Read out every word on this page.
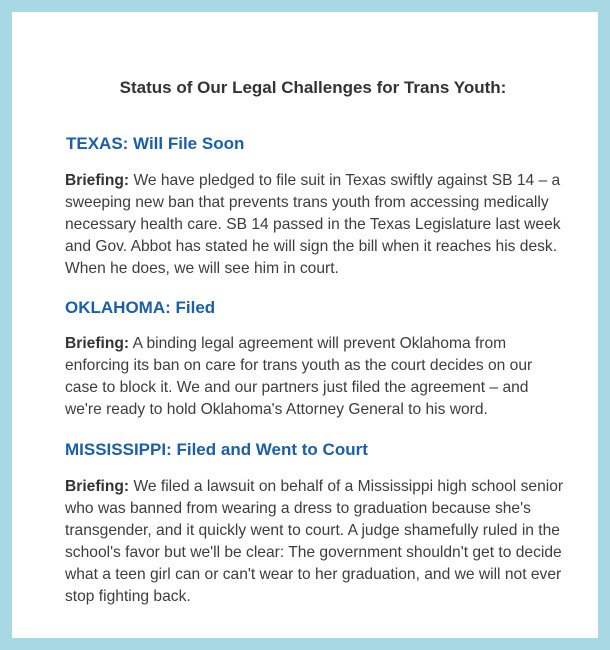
Status of Our Legal Challenges for Trans Youth:
TEXAS: Will File Soon

Briefing: We have pledged to file suit in Texas swiftly against SB 14 – a sweeping new ban that prevents trans youth from accessing medically necessary health care. SB 14 passed in the Texas Legislature last week and Gov. Abbot has stated he will sign the bill when it reaches his desk. When he does, we will see him in court.

OKLAHOMA: Filed

Briefing: A binding legal agreement will prevent Oklahoma from enforcing its ban on care for trans youth as the court decides on our case to block it. We and our partners just filed the agreement – and we're ready to hold Oklahoma's Attorney General to his word.

MISSISSIPPI: Filed and Went to Court

Briefing: We filed a lawsuit on behalf of a Mississippi high school senior who was banned from wearing a dress to graduation because she's transgender, and it quickly went to court. A judge shamefully ruled in the school's favor but we'll be clear: The government shouldn't get to decide what a teen girl can or can't wear to her graduation, and we will not ever stop fighting back.
